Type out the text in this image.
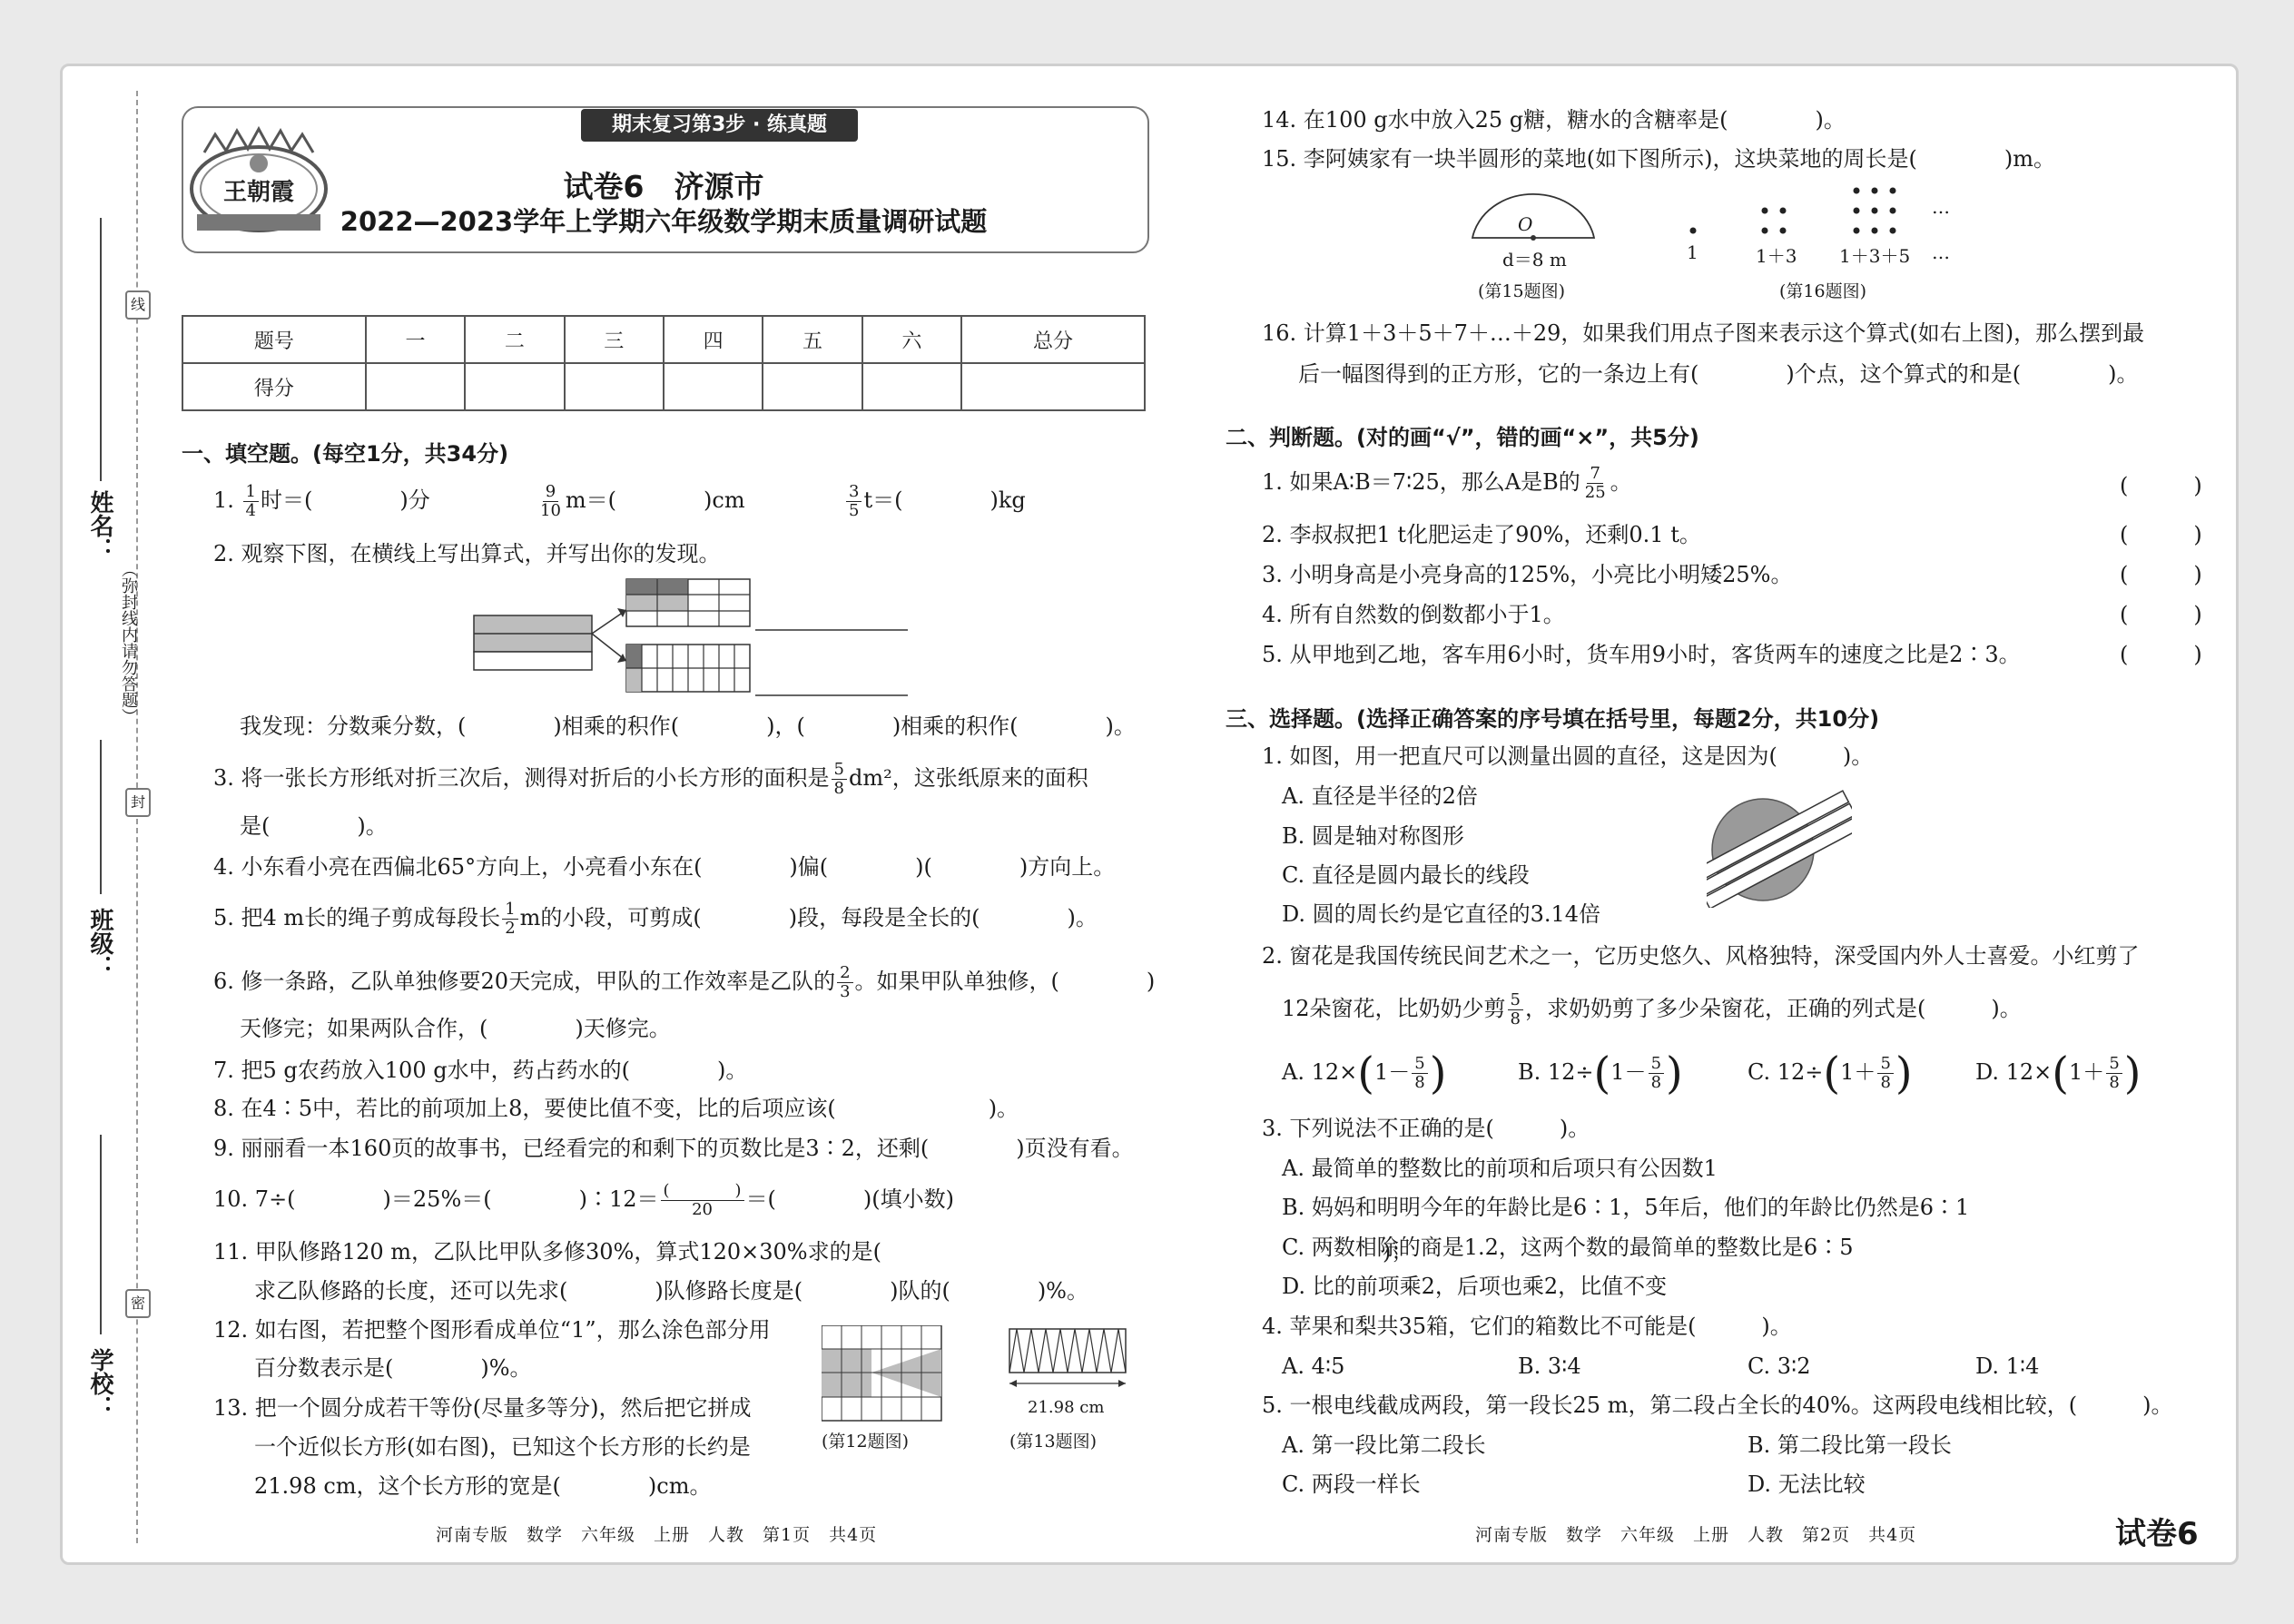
线
封
密
姓名：
（弥封线内请勿答题）
班级：
学校：
期末复习第3步 · 练真题
王朝霞	试卷6　济源市
2022—2023学年上学期六年级数学期末质量调研试题
题号	一	二	三	四	五	六	总分
得分							
一、填空题。(每空1分，共34分)
1. $\frac{1}{4}$ 时＝(　　　　)分	$\frac{9}{10} m=$(　　　　)cm	$\frac{3}{5} t=$(　　　　)kg
2. 观察下图，在横线上写出算式，并写出你的发现。
我发现：分数乘分数，(　　　　)相乘的积作(　　　　)，(　　　　)相乘的积作(　　　　)。
3. 将一张长方形纸对折三次后，测得对折后的小长方形的面积是 $\frac{5}{8} dm^2$，这张纸原来的面积
是(　　　　)。
4. 小东看小亮在西偏北65°方向上，小亮看小东在(　　　　)偏(　　　　)(　　　　)方向上。
5. 把4 m长的绳子剪成每段长 $\frac{1}{2}$ m的小段，可剪成(　　　　)段，每段是全长的(　　　　)。
6. 修一条路，乙队单独修要20天完成，甲队的工作效率是乙队的 $\frac{2}{3}$ 。如果甲队单独修，(　　　　)
天修完；如果两队合作，(　　　　)天修完。
7. 把5 g农药放入100 g水中，药占药水的(　　　　)。
8. 在4∶5中，若比的前项加上8，要使比值不变，比的后项应该(　　　　　　　)。
9. 丽丽看一本160页的故事书，已经看完的和剩下的页数比是3∶2，还剩(　　　　)页没有看。
10. 7÷(　　　　)＝25%＝(　　　　)∶12＝ $\frac{( )}{20}$ ＝(　　　　)(填小数)
11. 甲队修路120 m，乙队比甲队多修30%，算式120×30%求的是(　　　　　　　　　　　　　　　　　　　　　　　)；
求乙队修路的长度，还可以先求(　　　　)队修路长度是(　　　　)队的(　　　　)%。
12. 如右图，若把整个图形看成单位“1”，那么涂色部分用
百分数表示是(　　　　)%。
13. 把一个圆分成若干等份(尽量多等分)，然后把它拼成
一个近似长方形(如右图)，已知这个长方形的长约是
21.98 cm，这个长方形的宽是(　　　　)cm。
(第12题图)
21.98 cm
(第13题图)
14. 在100 g水中放入25 g糖，糖水的含糖率是(　　　　)。
15. 李阿姨家有一块半圆形的菜地(如下图所示)，这块菜地的周长是(　　　　)m。
O
d＝8 m
(第15题图)
…
1	1＋3 1＋3＋5 …
(第16题图)
16. 计算1＋3＋5＋7＋…＋29，如果我们用点子图来表示这个算式(如右上图)，那么摆到最
后一幅图得到的正方形，它的一条边上有(　　　　)个点，这个算式的和是(　　　　)。
二、判断题。(对的画“√”，错的画“×”，共5分)
1. 如果A∶B＝7∶25，那么A是B的 $\frac{7}{25}$ 。
2. 李叔叔把1 t化肥运走了90%，还剩0.1 t。
3. 小明身高是小亮身高的125%，小亮比小明矮25%。
4. 所有自然数的倒数都小于1。
5. 从甲地到乙地，客车用6小时，货车用9小时，客货两车的速度之比是2∶3。
(　　　)
(　　　)
(　　　)
(　　　)
(　　　)
三、选择题。(选择正确答案的序号填在括号里，每题2分，共10分)
1. 如图，用一把直尺可以测量出圆的直径，这是因为(　　　)。
A. 直径是半径的2倍
B. 圆是轴对称图形
C. 直径是圆内最长的线段
D. 圆的周长约是它直径的3.14倍
2. 窗花是我国传统民间艺术之一，它历史悠久、风格独特，深受国内外人士喜爱。小红剪了
12朵窗花，比奶奶少剪 $\frac{5}{8}$ ，求奶奶剪了多少朵窗花，正确的列式是(　　　)。
A. $12\times(1- \frac{5}{8}$ )	B. $12\div(1- \frac{5}{8}$ )	C. $12\div(1+ \frac{5}{8}$ )	D. $12\times(1+ \frac{5}{8}$ )
3. 下列说法不正确的是(　　　)。
A. 最简单的整数比的前项和后项只有公因数1
B. 妈妈和明明今年的年龄比是6∶1，5年后，他们的年龄比仍然是6∶1
C. 两数相除的商是1.2，这两个数的最简单的整数比是6∶5
D. 比的前项乘2，后项也乘2，比值不变
4. 苹果和梨共35箱，它们的箱数比不可能是(　　　)。
A. 4∶5	B. 3∶4	C. 3∶2	D. 1∶4
5. 一根电线截成两段，第一段长25 m，第二段占全长的40%。这两段电线相比较，(　　　)。
A. 第一段比第二段长	B. 第二段比第一段长
C. 两段一样长	D. 无法比较
河南专版　数学　六年级　上册　人教　第1页　共4页	河南专版　数学　六年级　上册　人教　第2页　共4页	试卷6
